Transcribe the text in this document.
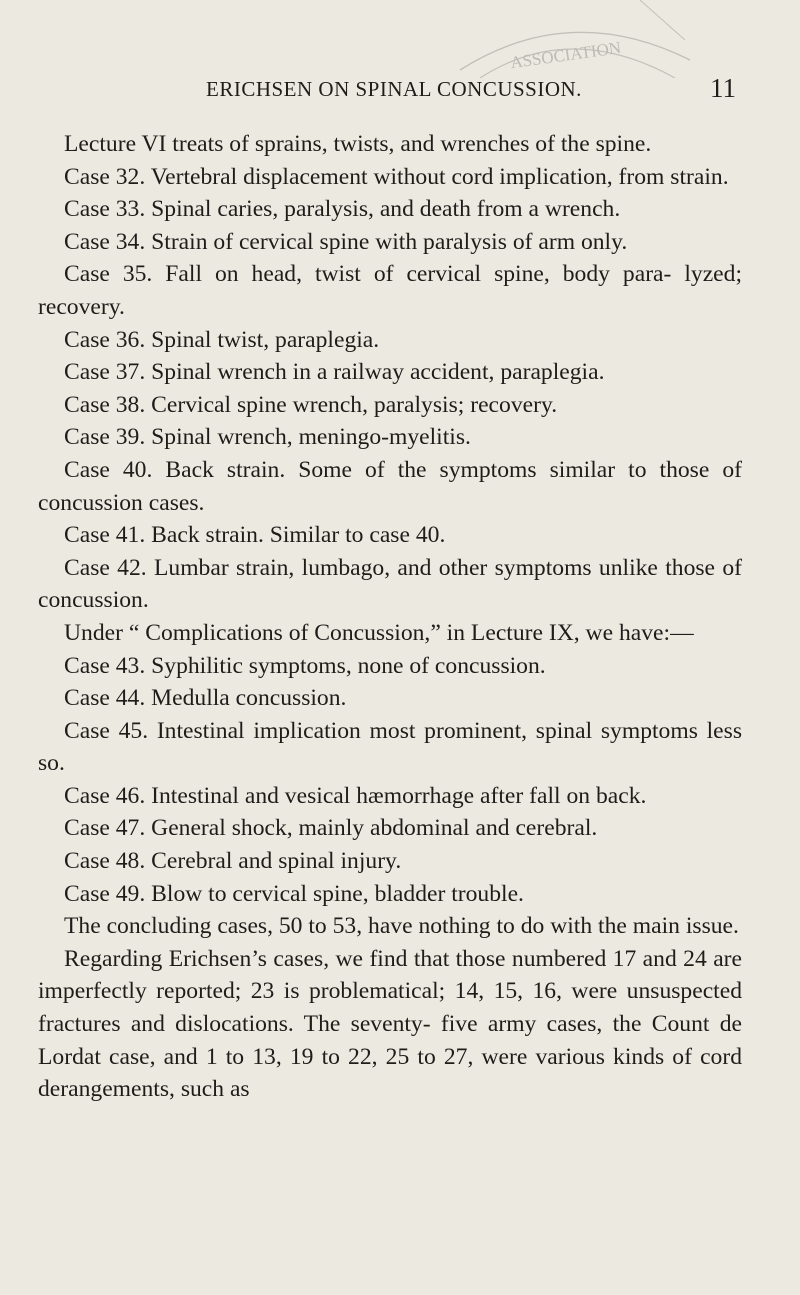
ASSOCIATION
ERICHSEN ON SPINAL CONCUSSION.	11

Lecture VI treats of sprains, twists, and wrenches of the spine.

Case 32. Vertebral displacement without cord implication, from strain.

Case 33. Spinal caries, paralysis, and death from a wrench.

Case 34. Strain of cervical spine with paralysis of arm only.

Case 35. Fall on head, twist of cervical spine, body para- lyzed; recovery.

Case 36. Spinal twist, paraplegia.

Case 37. Spinal wrench in a railway accident, paraplegia.

Case 38. Cervical spine wrench, paralysis; recovery.

Case 39. Spinal wrench, meningo-myelitis.

Case 40. Back strain. Some of the symptoms similar to those of concussion cases.

Case 41. Back strain. Similar to case 40.

Case 42. Lumbar strain, lumbago, and other symptoms unlike those of concussion.

Under “ Complications of Concussion,” in Lecture IX, we have:—

Case 43. Syphilitic symptoms, none of concussion.

Case 44. Medulla concussion.

Case 45. Intestinal implication most prominent, spinal symptoms less so.

Case 46. Intestinal and vesical hæmorrhage after fall on back.

Case 47. General shock, mainly abdominal and cerebral.

Case 48. Cerebral and spinal injury.

Case 49. Blow to cervical spine, bladder trouble.

The concluding cases, 50 to 53, have nothing to do with the main issue.

Regarding Erichsen’s cases, we find that those numbered 17 and 24 are imperfectly reported; 23 is problematical; 14, 15, 16, were unsuspected fractures and dislocations. The seventy- five army cases, the Count de Lordat case, and 1 to 13, 19 to 22, 25 to 27, were various kinds of cord derangements, such as
